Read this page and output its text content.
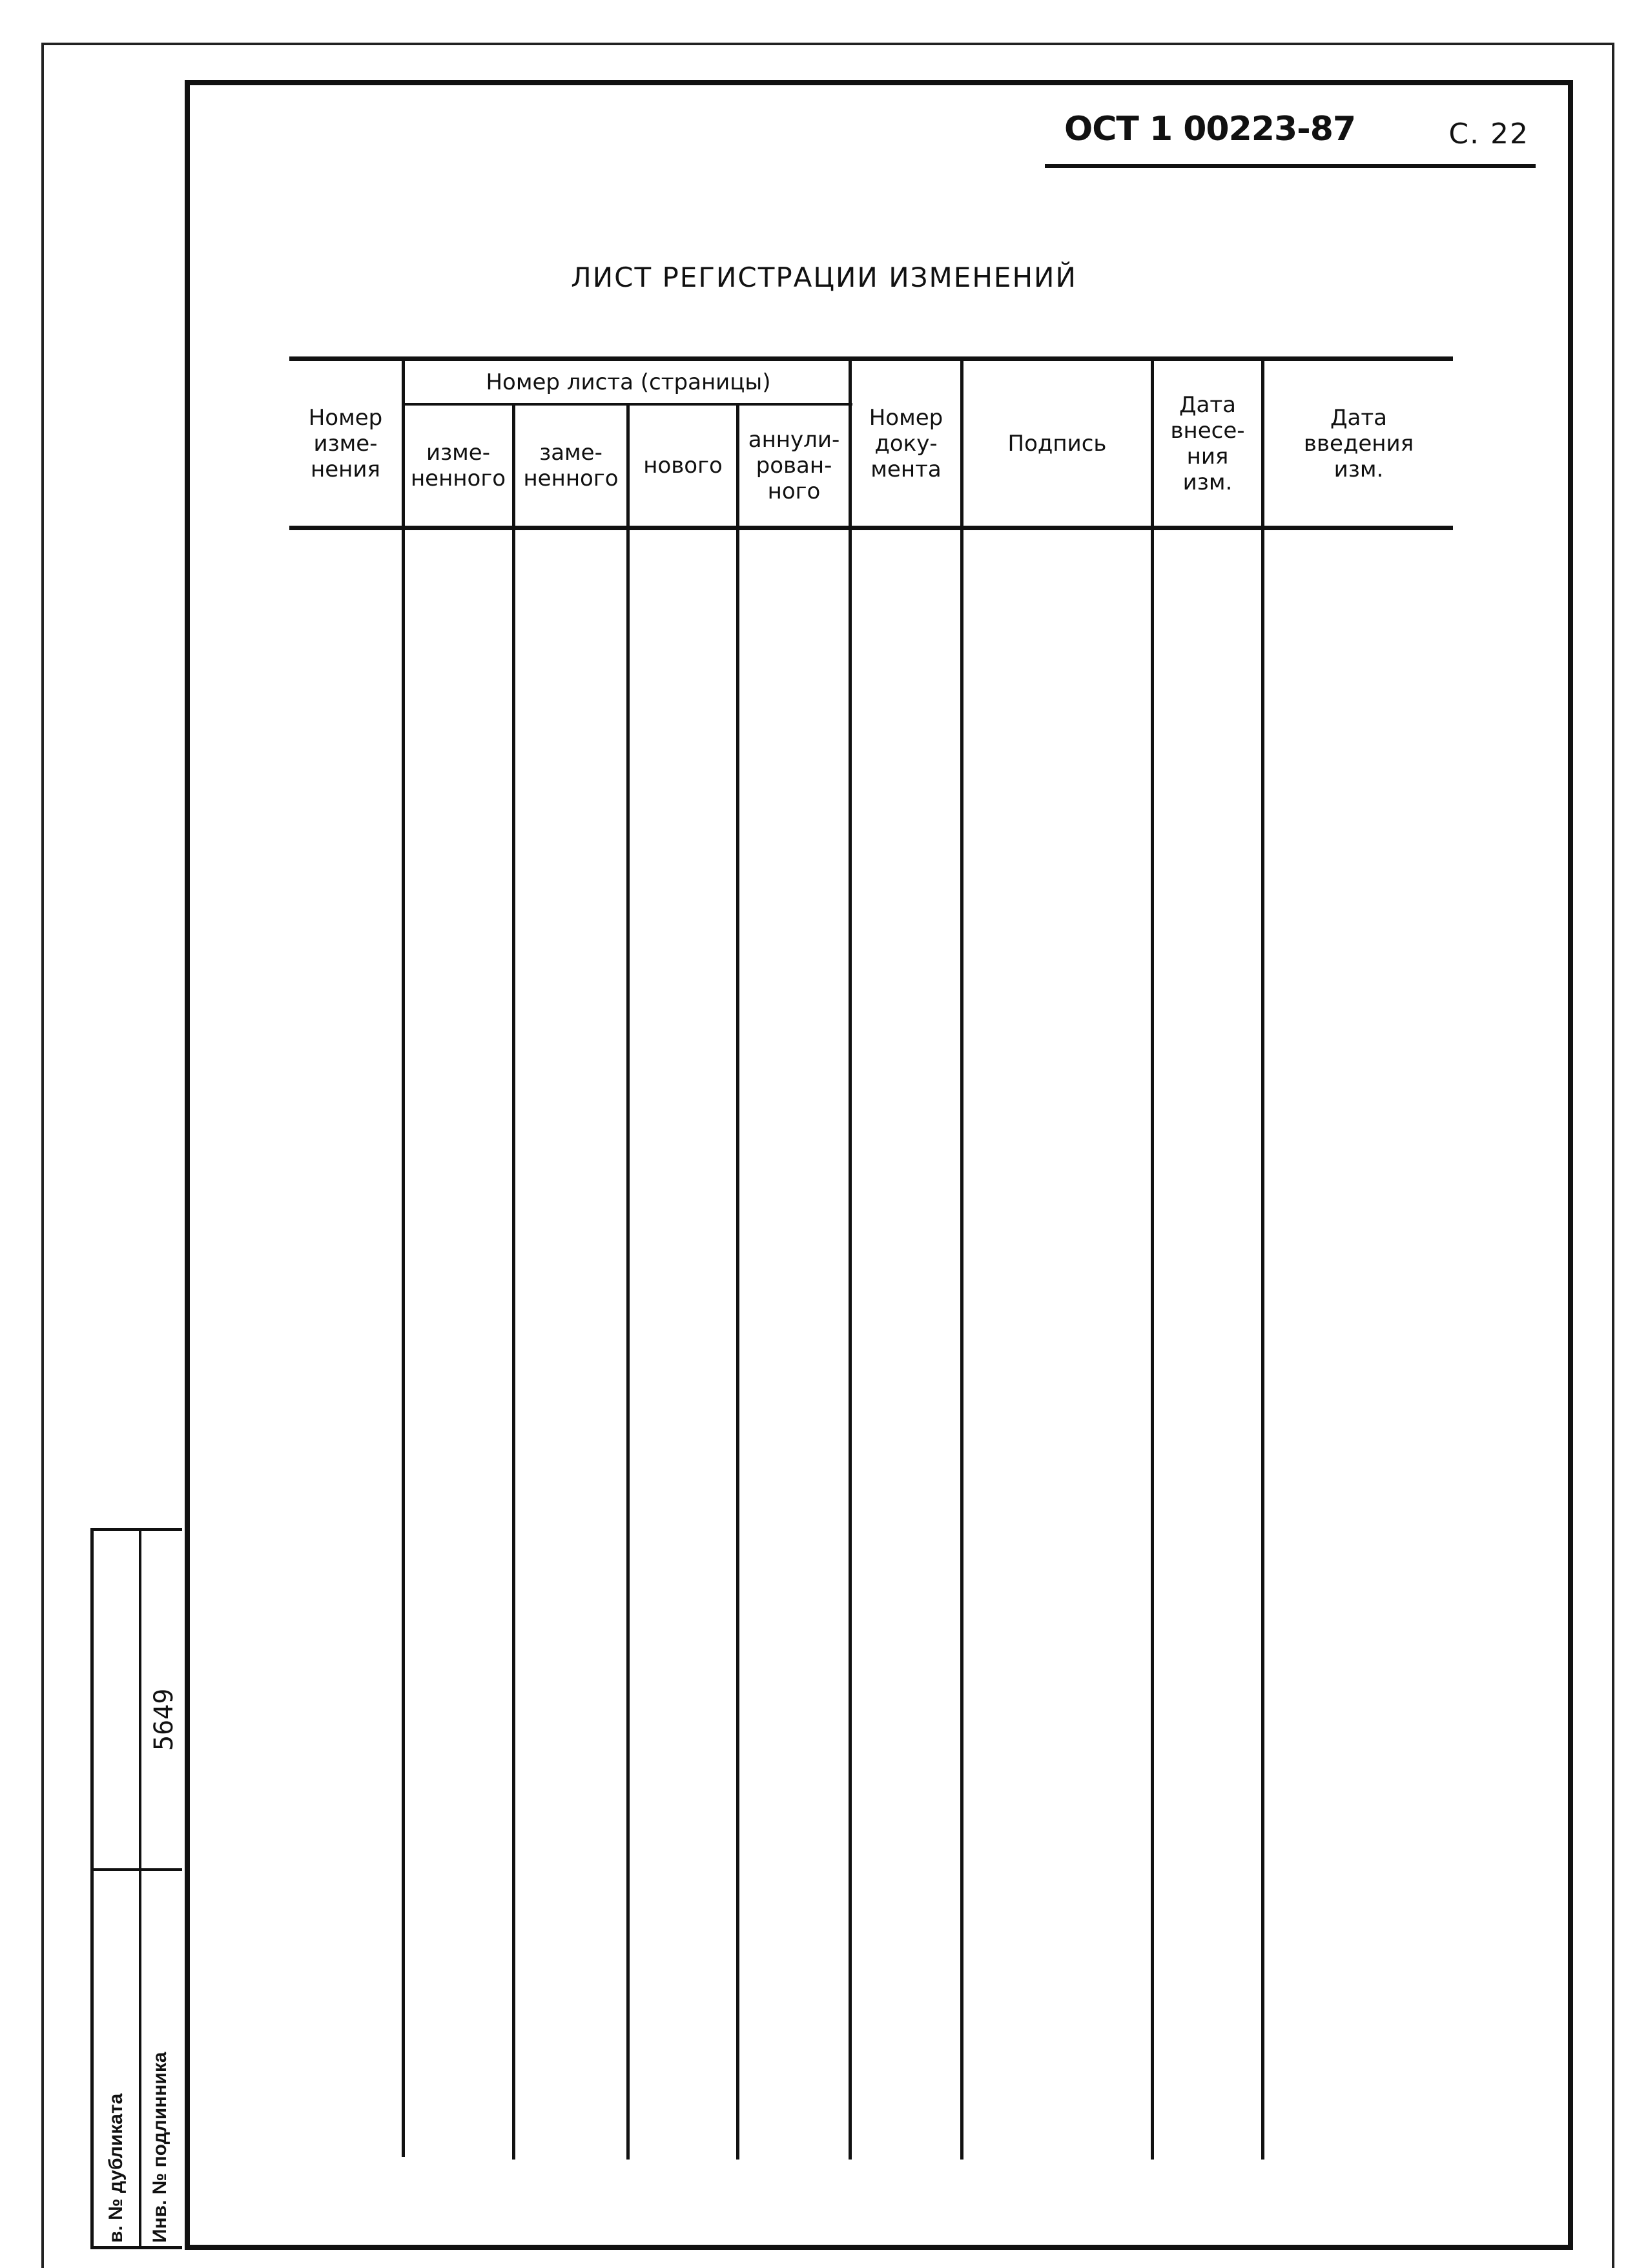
ОСТ 1 00223-87	С. 22
ЛИСТ РЕГИСТРАЦИИ ИЗМЕНЕНИЙ
Номер
изме-
нения
Номер листа (страницы)
изме-
ненного
заме-
ненного	нового
аннули-
рован-
ного
Номер
доку-
мента
Подпись
Дата
внесе-
ния
изм.
Дата
введения
изм.
в. № дубликата Инв. № подлинника
5649
